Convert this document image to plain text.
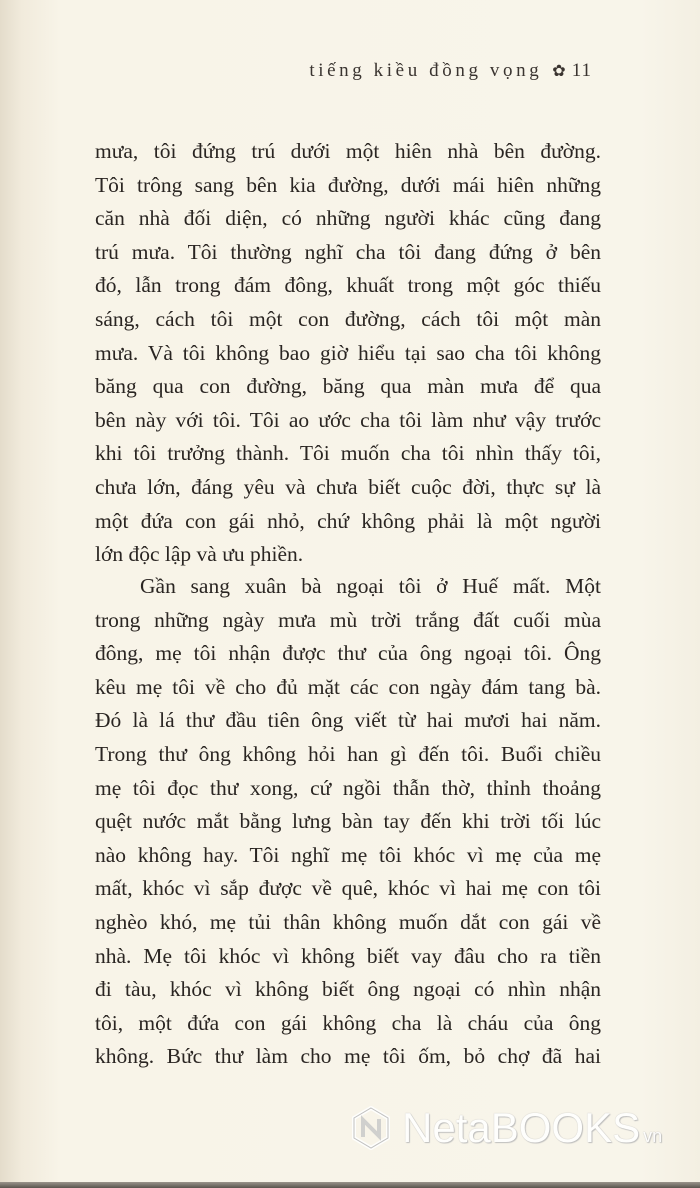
tiếng kiều đồng vọng ✿ 11
mưa, tôi đứng trú dưới một hiên nhà bên đường.
Tôi trông sang bên kia đường, dưới mái hiên những
căn nhà đối diện, có những người khác cũng đang
trú mưa. Tôi thường nghĩ cha tôi đang đứng ở bên
đó, lẫn trong đám đông, khuất trong một góc thiếu
sáng, cách tôi một con đường, cách tôi một màn
mưa. Và tôi không bao giờ hiểu tại sao cha tôi không
băng qua con đường, băng qua màn mưa để qua
bên này với tôi. Tôi ao ước cha tôi làm như vậy trước
khi tôi trưởng thành. Tôi muốn cha tôi nhìn thấy tôi,
chưa lớn, đáng yêu và chưa biết cuộc đời, thực sự là
một đứa con gái nhỏ, chứ không phải là một người
lớn độc lập và ưu phiền.
Gần sang xuân bà ngoại tôi ở Huế mất. Một
trong những ngày mưa mù trời trắng đất cuối mùa
đông, mẹ tôi nhận được thư của ông ngoại tôi. Ông
kêu mẹ tôi về cho đủ mặt các con ngày đám tang bà.
Đó là lá thư đầu tiên ông viết từ hai mươi hai năm.
Trong thư ông không hỏi han gì đến tôi. Buổi chiều
mẹ tôi đọc thư xong, cứ ngồi thẫn thờ, thỉnh thoảng
quệt nước mắt bằng lưng bàn tay đến khi trời tối lúc
nào không hay. Tôi nghĩ mẹ tôi khóc vì mẹ của mẹ
mất, khóc vì sắp được về quê, khóc vì hai mẹ con tôi
nghèo khó, mẹ tủi thân không muốn dắt con gái về
nhà. Mẹ tôi khóc vì không biết vay đâu cho ra tiền
đi tàu, khóc vì không biết ông ngoại có nhìn nhận
tôi, một đứa con gái không cha là cháu của ông
không. Bức thư làm cho mẹ tôi ốm, bỏ chợ đã hai
NetaBOOKS vn
